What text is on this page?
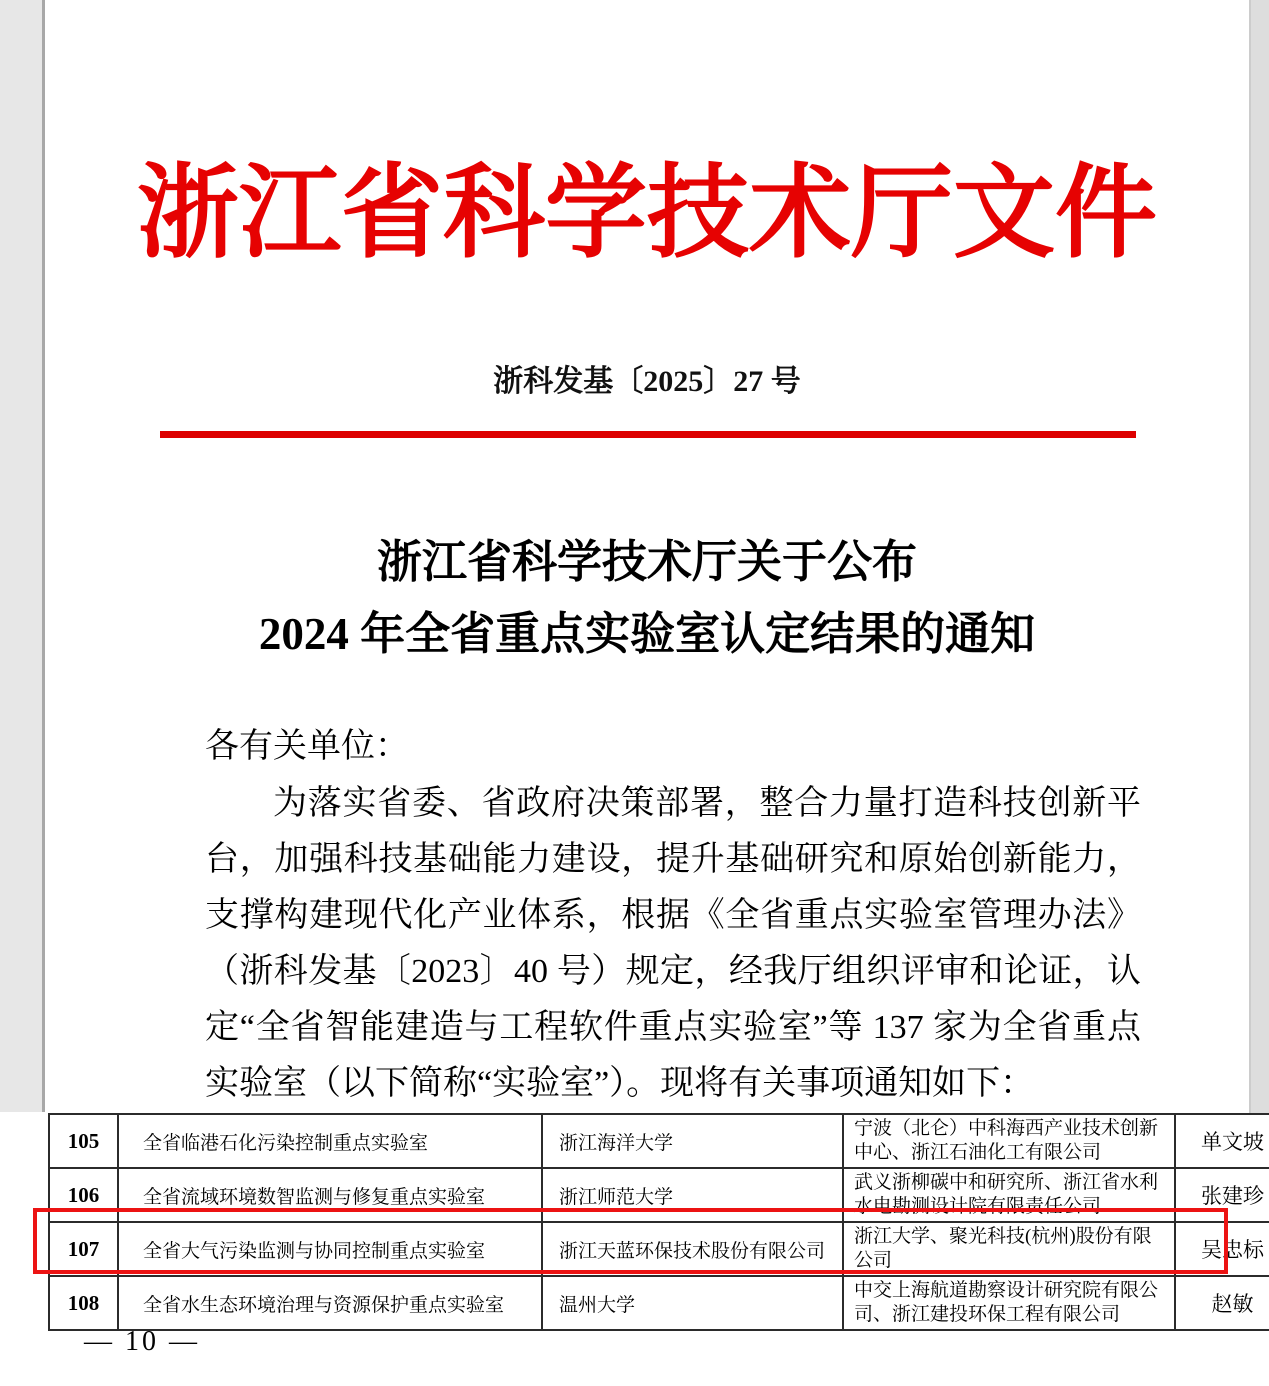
浙江省科学技术厅文件
浙科发基〔2025〕27 号
浙江省科学技术厅关于公布
2024 年全省重点实验室认定结果的通知
各有关单位：

为落实省委、省政府决策部署，整合力量打造科技创新平台，加强科技基础能力建设，提升基础研究和原始创新能力，支撑构建现代化产业体系，根据《全省重点实验室管理办法》（浙科发基〔2023〕40 号）规定，经我厅组织评审和论证，认定“全省智能建造与工程软件重点实验室”等 137 家为全省重点实验室（以下简称“实验室”）。现将有关事项通知如下：

105	全省临港石化污染控制重点实验室	浙江海洋大学	宁波（北仑）中科海西产业技术创新中心、浙江石油化工有限公司	单文坡
106	全省流域环境数智监测与修复重点实验室	浙江师范大学	武义浙柳碳中和研究所、浙江省水利水电勘测设计院有限责任公司	张建珍
107	全省大气污染监测与协同控制重点实验室	浙江天蓝环保技术股份有限公司	浙江大学、聚光科技(杭州)股份有限公司	吴忠标
108	全省水生态环境治理与资源保护重点实验室	温州大学	中交上海航道勘察设计研究院有限公司、浙江建投环保工程有限公司	赵敏
— 10 —
